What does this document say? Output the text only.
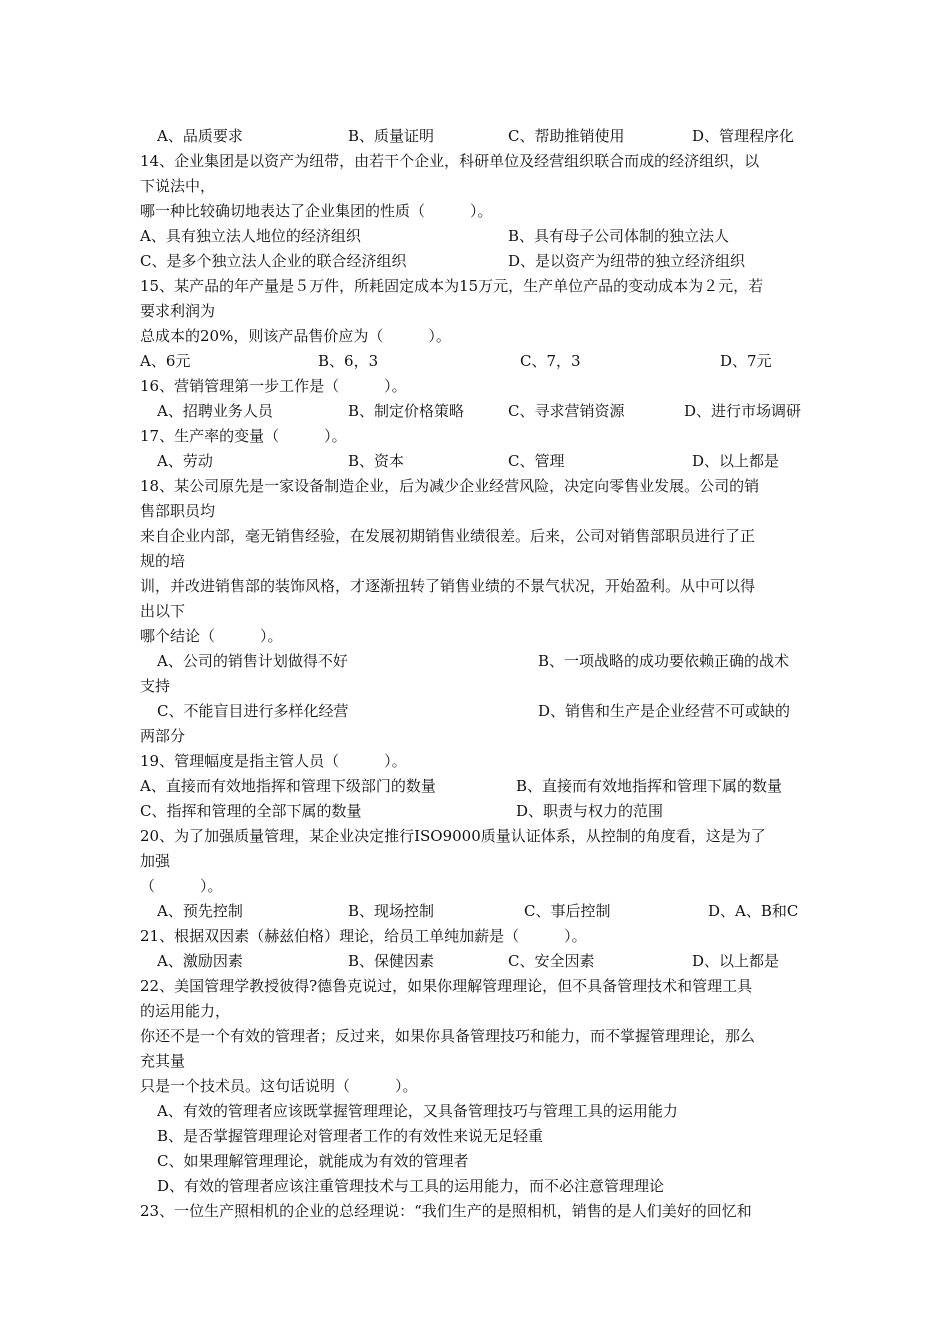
A、品质要求	B、质量证明	C、帮助推销使用	D、管理程序化
14、企业集团是以资产为纽带，由若干个企业，科研单位及经营组织联合而成的经济组织，以
下说法中，
哪一种比较确切地表达了企业集团的性质（　　　）。
A、具有独立法人地位的经济组织	B、具有母子公司体制的独立法人
C、是多个独立法人企业的联合经济组织	D、是以资产为纽带的独立经济组织
15、某产品的年产量是５万件，所耗固定成本为15万元，生产单位产品的变动成本为２元，若
要求利润为
总成本的20%，则该产品售价应为（　　　）。
A、6元	B、6，3	C、7，3	D、7元
16、营销管理第一步工作是（　　　）。
A、招聘业务人员	B、制定价格策略	C、寻求营销资源	D、进行市场调研
17、生产率的变量（　　　）。
A、劳动	B、资本	C、管理	D、以上都是
18、某公司原先是一家设备制造企业，后为减少企业经营风险，决定向零售业发展。公司的销
售部职员均
来自企业内部，毫无销售经验，在发展初期销售业绩很差。后来，公司对销售部职员进行了正
规的培
训，并改进销售部的装饰风格，才逐渐扭转了销售业绩的不景气状况，开始盈利。从中可以得
出以下
哪个结论（　　　）。
A、公司的销售计划做得不好	B、一项战略的成功要依赖正确的战术
支持
C、不能盲目进行多样化经营	D、销售和生产是企业经营不可或缺的
两部分
19、管理幅度是指主管人员（　　　）。
A、直接而有效地指挥和管理下级部门的数量	B、直接而有效地指挥和管理下属的数量
C、指挥和管理的全部下属的数量	D、职责与权力的范围
20、为了加强质量管理，某企业决定推行ISO9000质量认证体系，从控制的角度看，这是为了
加强
（　　　）。
A、预先控制	B、现场控制	C、事后控制	D、A、B和C
21、根据双因素（赫兹伯格）理论，给员工单纯加薪是（　　　）。
A、激励因素	B、保健因素	C、安全因素	D、以上都是
22、美国管理学教授彼得?德鲁克说过，如果你理解管理理论，但不具备管理技术和管理工具
的运用能力，
你还不是一个有效的管理者；反过来，如果你具备管理技巧和能力，而不掌握管理理论，那么
充其量
只是一个技术员。这句话说明（　　　）。
A、有效的管理者应该既掌握管理理论，又具备管理技巧与管理工具的运用能力
B、是否掌握管理理论对管理者工作的有效性来说无足轻重
C、如果理解管理理论，就能成为有效的管理者
D、有效的管理者应该注重管理技术与工具的运用能力，而不必注意管理理论
23、一位生产照相机的企业的总经理说：“我们生产的是照相机，销售的是人们美好的回忆和
